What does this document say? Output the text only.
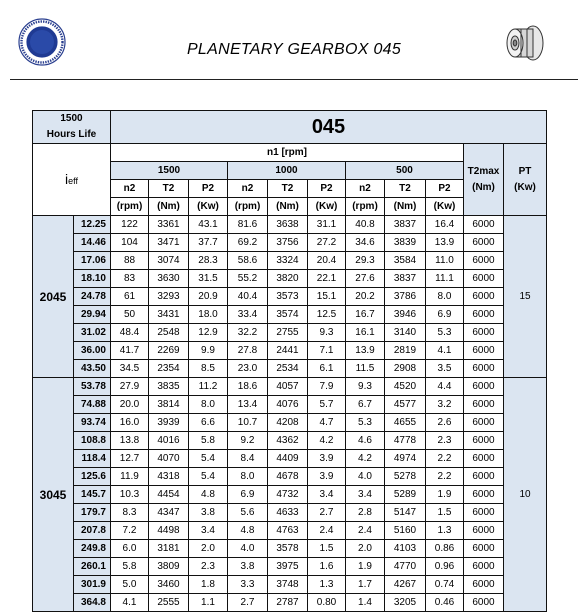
PLANETARY GEARBOX 045
1500
Hours Life		045										
ieff		n1 [rpm]									T2max
(Nm)	PT
(Kw)
		1500			1000			500				
		n2	T2	P2	n2	T2	P2	n2	T2	P2		
		(rpm)	(Nm)	(Kw)	(rpm)	(Nm)	(Kw)	(rpm)	(Nm)	(Kw)		
2045	12.25	122	3361	43.1	81.6	3638	31.1	40.8	3837	16.4	6000	15
	14.46	104	3471	37.7	69.2	3756	27.2	34.6	3839	13.9	6000	
	17.06	88	3074	28.3	58.6	3324	20.4	29.3	3584	11.0	6000	
	18.10	83	3630	31.5	55.2	3820	22.1	27.6	3837	11.1	6000	
	24.78	61	3293	20.9	40.4	3573	15.1	20.2	3786	8.0	6000	
	29.94	50	3431	18.0	33.4	3574	12.5	16.7	3946	6.9	6000	
	31.02	48.4	2548	12.9	32.2	2755	9.3	16.1	3140	5.3	6000	
	36.00	41.7	2269	9.9	27.8	2441	7.1	13.9	2819	4.1	6000	
	43.50	34.5	2354	8.5	23.0	2534	6.1	11.5	2908	3.5	6000	
3045	53.78	27.9	3835	11.2	18.6	4057	7.9	9.3	4520	4.4	6000	10
	74.88	20.0	3814	8.0	13.4	4076	5.7	6.7	4577	3.2	6000	
	93.74	16.0	3939	6.6	10.7	4208	4.7	5.3	4655	2.6	6000	
	108.8	13.8	4016	5.8	9.2	4362	4.2	4.6	4778	2.3	6000	
	118.4	12.7	4070	5.4	8.4	4409	3.9	4.2	4974	2.2	6000	
	125.6	11.9	4318	5.4	8.0	4678	3.9	4.0	5278	2.2	6000	
	145.7	10.3	4454	4.8	6.9	4732	3.4	3.4	5289	1.9	6000	
	179.7	8.3	4347	3.8	5.6	4633	2.7	2.8	5147	1.5	6000	
	207.8	7.2	4498	3.4	4.8	4763	2.4	2.4	5160	1.3	6000	
	249.8	6.0	3181	2.0	4.0	3578	1.5	2.0	4103	0.86	6000	
	260.1	5.8	3809	2.3	3.8	3975	1.6	1.9	4770	0.96	6000	
	301.9	5.0	3460	1.8	3.3	3748	1.3	1.7	4267	0.74	6000	
	364.8	4.1	2555	1.1	2.7	2787	0.80	1.4	3205	0.46	6000	
